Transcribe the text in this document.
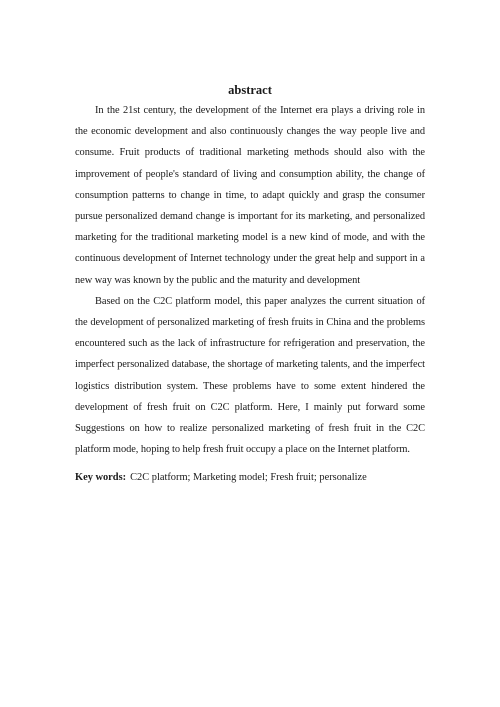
abstract

In the 21st century, the development of the Internet era plays a driving role in the economic development and also continuously changes the way people live and consume. Fruit products of traditional marketing methods should also with the improvement of people's standard of living and consumption ability, the change of consumption patterns to change in time, to adapt quickly and grasp the consumer pursue personalized demand change is important for its marketing, and personalized marketing for the traditional marketing model is a new kind of mode, and with the continuous development of Internet technology under the great help and support in a new way was known by the public and the maturity and development

Based on the C2C platform model, this paper analyzes the current situation of the development of personalized marketing of fresh fruits in China and the problems encountered such as the lack of infrastructure for refrigeration and preservation, the imperfect personalized database, the shortage of marketing talents, and the imperfect logistics distribution system. These problems have to some extent hindered the development of fresh fruit on C2C platform. Here, I mainly put forward some Suggestions on how to realize personalized marketing of fresh fruit in the C2C platform mode, hoping to help fresh fruit occupy a place on the Internet platform.

Key words: C2C platform; Marketing model; Fresh fruit; personalize
